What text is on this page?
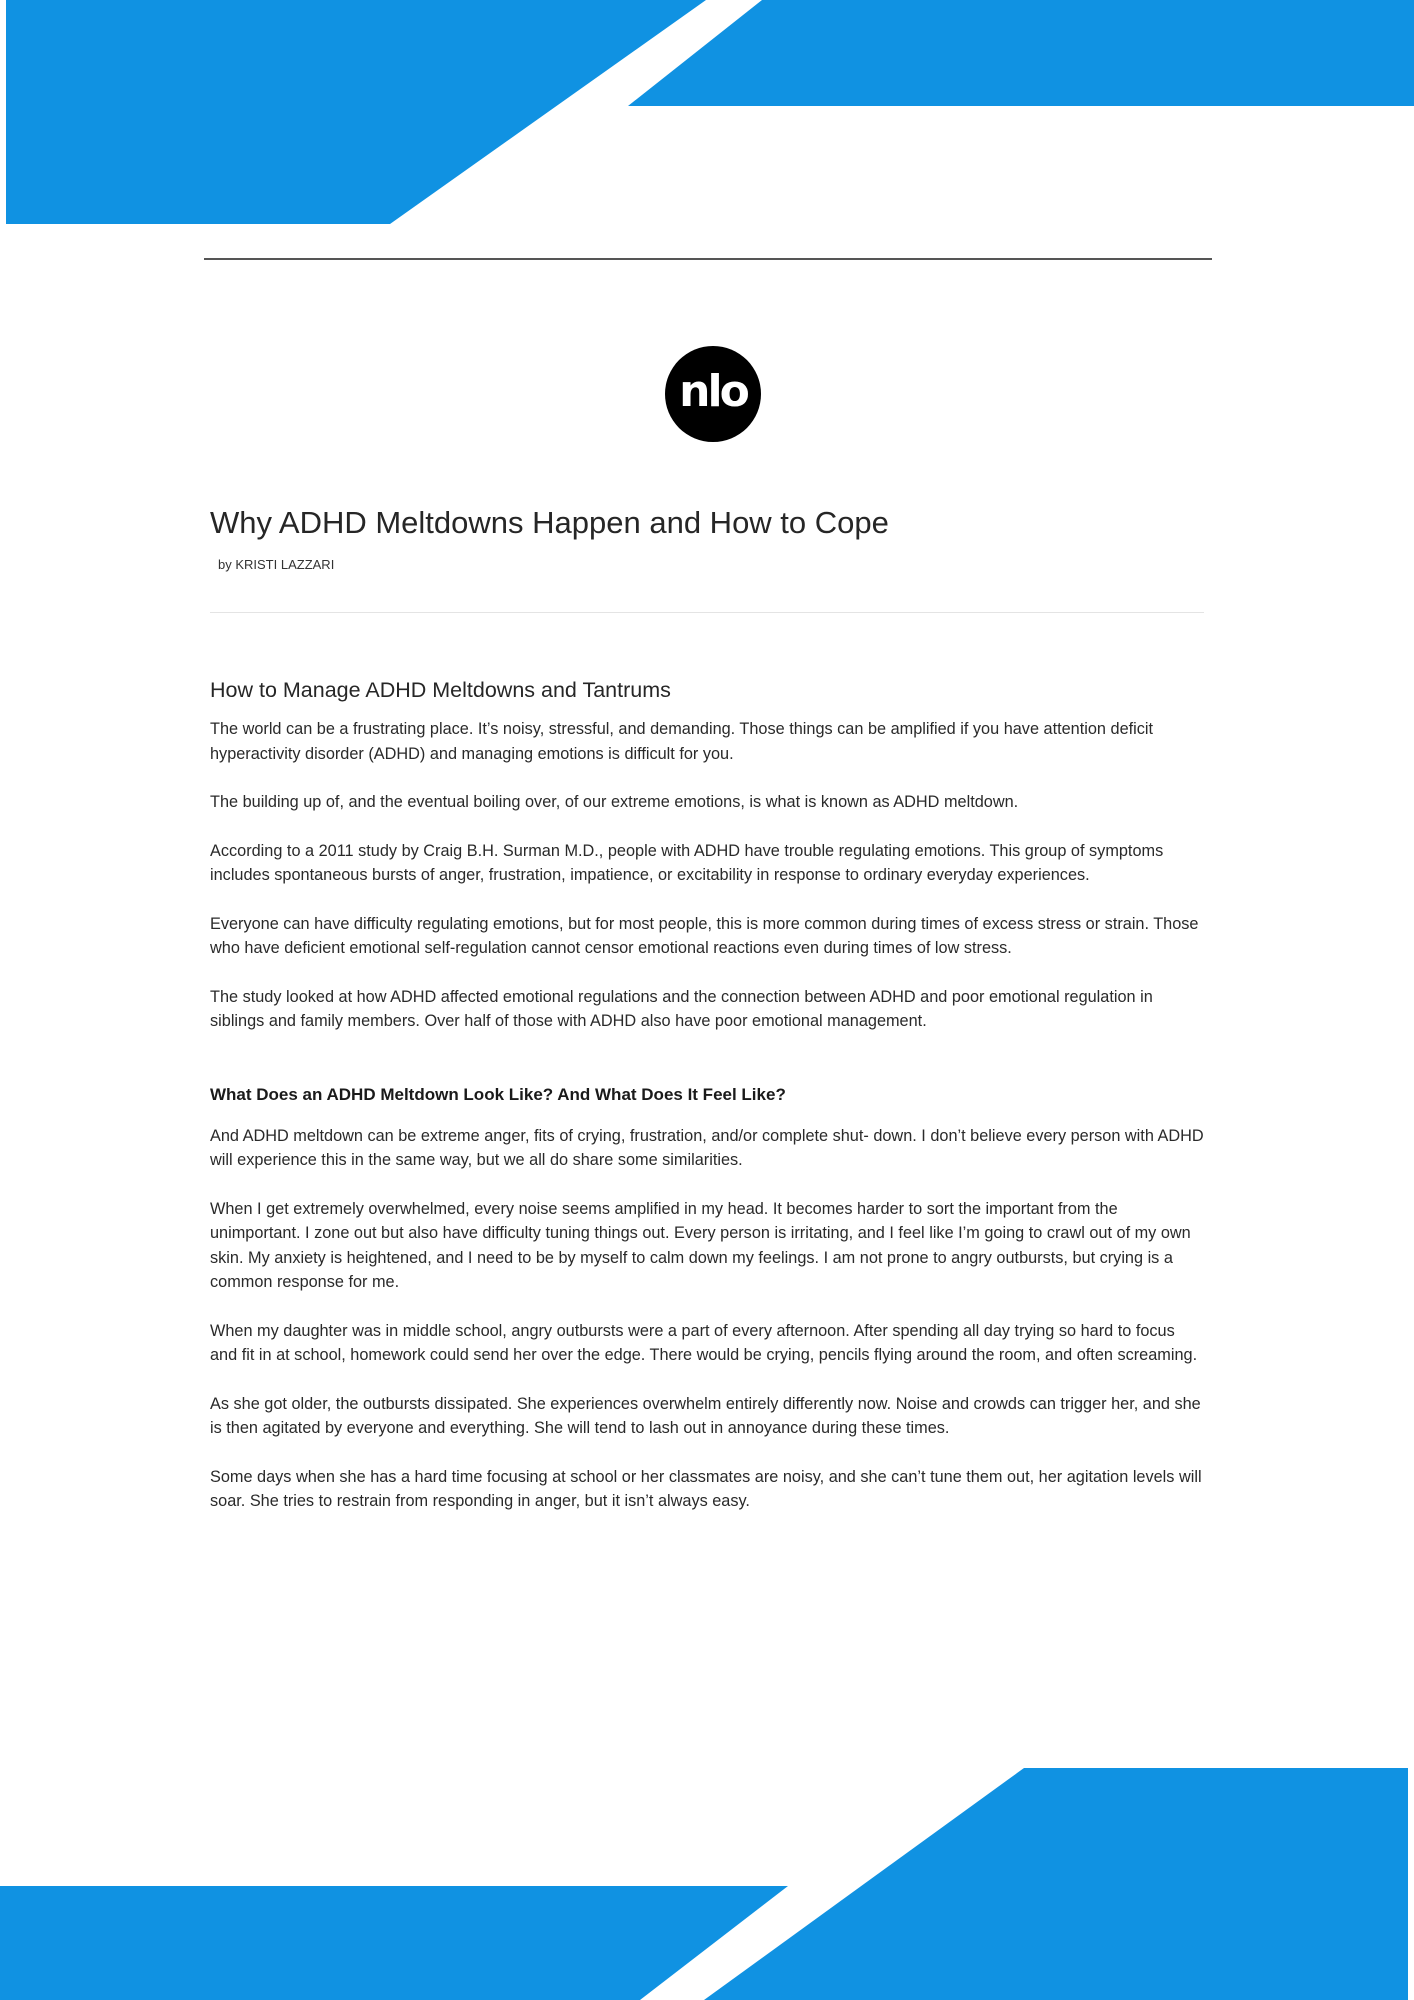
nlo
Why ADHD Meltdowns Happen and How to Cope
by KRISTI LAZZARI
How to Manage ADHD Meltdowns and Tantrums

The world can be a frustrating place. It’s noisy, stressful, and demanding. Those things can be amplified if you have attention deficit hyperactivity disorder (ADHD) and managing emotions is difficult for you.

The building up of, and the eventual boiling over, of our extreme emotions, is what is known as ADHD meltdown.

According to a 2011 study by Craig B.H. Surman M.D., people with ADHD have trouble regulating emotions. This group of symptoms includes spontaneous bursts of anger, frustration, impatience, or excitability in response to ordinary everyday experiences.

Everyone can have difficulty regulating emotions, but for most people, this is more common during times of excess stress or strain. Those who have deficient emotional self-regulation cannot censor emotional reactions even during times of low stress.

The study looked at how ADHD affected emotional regulations and the connection between ADHD and poor emotional regulation in siblings and family members. Over half of those with ADHD also have poor emotional management.

What Does an ADHD Meltdown Look Like? And What Does It Feel Like?

And ADHD meltdown can be extreme anger, fits of crying, frustration, and/or complete shut- down. I don’t believe every person with ADHD will experience this in the same way, but we all do share some similarities.

When I get extremely overwhelmed, every noise seems amplified in my head. It becomes harder to sort the important from the unimportant. I zone out but also have difficulty tuning things out. Every person is irritating, and I feel like I’m going to crawl out of my own skin. My anxiety is heightened, and I need to be by myself to calm down my feelings. I am not prone to angry outbursts, but crying is a common response for me.

When my daughter was in middle school, angry outbursts were a part of every afternoon. After spending all day trying so hard to focus and fit in at school, homework could send her over the edge. There would be crying, pencils flying around the room, and often screaming.

As she got older, the outbursts dissipated. She experiences overwhelm entirely differently now. Noise and crowds can trigger her, and she is then agitated by everyone and everything. She will tend to lash out in annoyance during these times.

Some days when she has a hard time focusing at school or her classmates are noisy, and she can’t tune them out, her agitation levels will soar. She tries to restrain from responding in anger, but it isn’t always easy.
